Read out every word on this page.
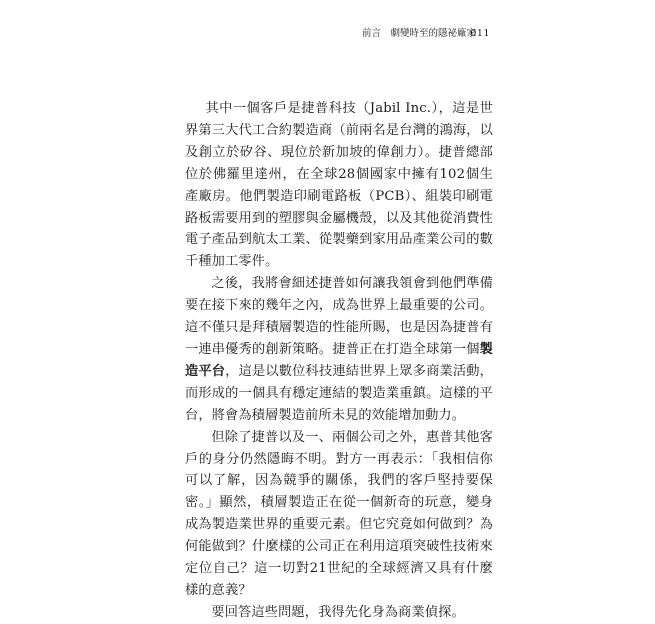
前言　劇變時至的隱祕廠家
011

其中一個客戶是捷普科技（Jabil Inc.），這是世界第三大代工合約製造商（前兩名是台灣的鴻海，以及創立於矽谷、現位於新加坡的偉創力）。捷普總部位於佛羅里達州，在全球28個國家中擁有102個生產廠房。他們製造印刷電路板（PCB）、組裝印刷電路板需要用到的塑膠與金屬機殼，以及其他從消費性電子產品到航太工業、從製藥到家用品產業公司的數千種加工零件。

之後，我將會細述捷普如何讓我領會到他們準備要在接下來的幾年之內，成為世界上最重要的公司。這不僅只是拜積層製造的性能所賜，也是因為捷普有一連串優秀的創新策略。捷普正在打造全球第一個製造平台，這是以數位科技連結世界上眾多商業活動，而形成的一個具有穩定連結的製造業重鎮。這樣的平台，將會為積層製造前所未見的效能增加動力。

但除了捷普以及一、兩個公司之外，惠普其他客戶的身分仍然隱晦不明。對方一再表示：「我相信你可以了解，因為競爭的關係，我們的客戶堅持要保密。」顯然，積層製造正在從一個新奇的玩意，變身成為製造業世界的重要元素。但它究竟如何做到？為何能做到？什麼樣的公司正在利用這項突破性技術來定位自己？這一切對21世紀的全球經濟又具有什麼樣的意義？

要回答這些問題，我得先化身為商業偵探。
